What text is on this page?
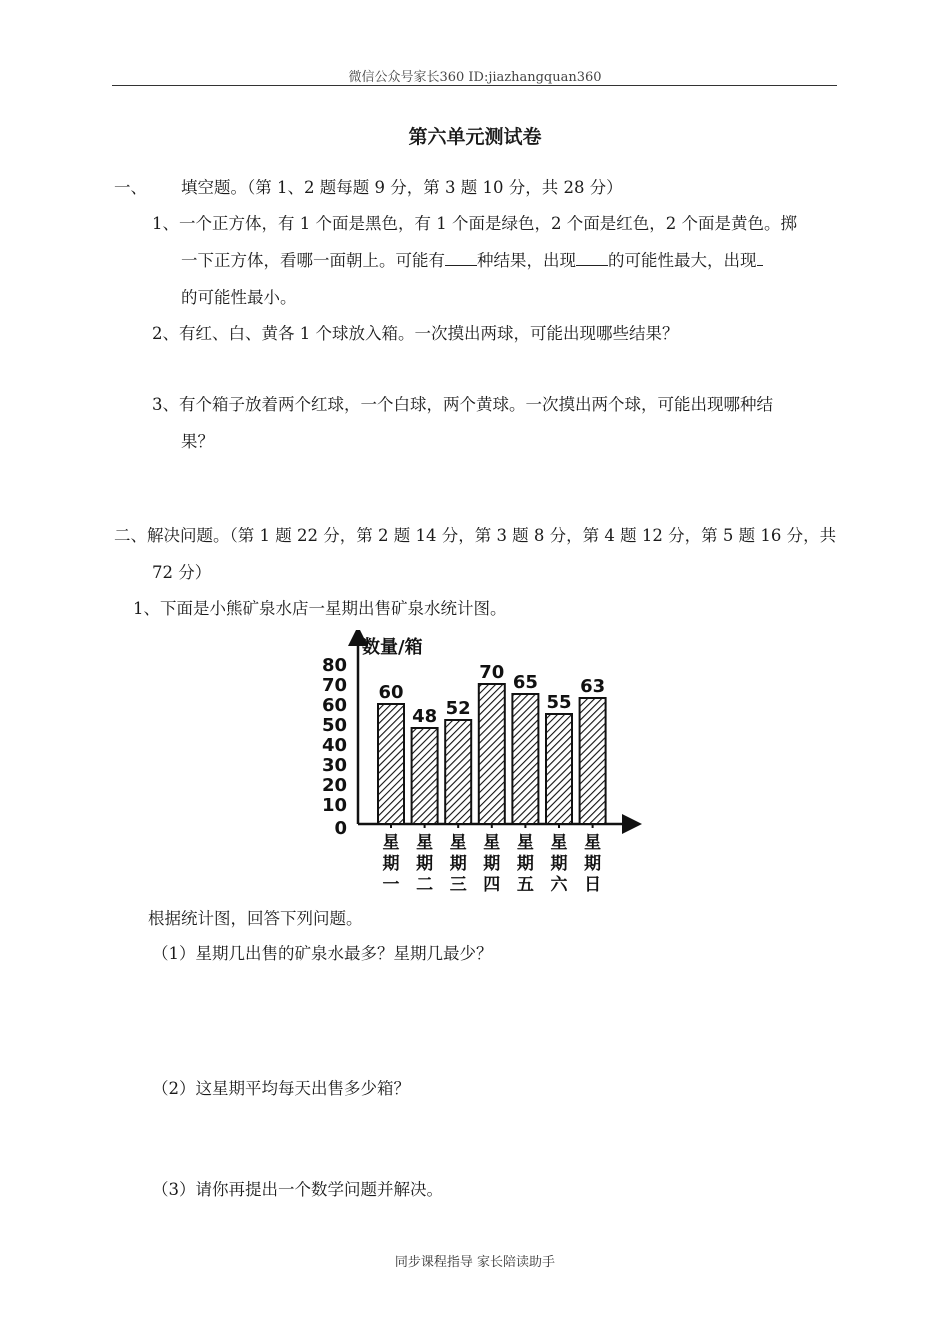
微信公众号家长360 ID:jiazhangquan360
第六单元测试卷
一、 填空题。（第 1、2 题每题 9 分，第 3 题 10 分，共 28 分）
1、一个正方体，有 1 个面是黑色，有 1 个面是绿色，2 个面是红色，2 个面是黄色。掷
一下正方体，看哪一面朝上。可能有 种结果，出现 的可能性最大，出现
的可能性最小。
2、有红、白、黄各 1 个球放入箱。一次摸出两球，可能出现哪些结果？
3、有个箱子放着两个红球，一个白球，两个黄球。一次摸出两个球，可能出现哪种结
果？
二、解决问题。（第 1 题 22 分，第 2 题 14 分，第 3 题 8 分，第 4 题 12 分，第 5 题 16 分，共
72 分）
1、下面是小熊矿泉水店一星期出售矿泉水统计图。
数量/箱
0
10
20
30
40
50
60
70
80
60
星
期
一
48
星
期
二
52
星
期
三
70
星
期
四
65
星
期
五
55
星
期
六
63
星
期
日
根据统计图，回答下列问题。
（1）星期几出售的矿泉水最多？星期几最少？
（2）这星期平均每天出售多少箱？
（3）请你再提出一个数学问题并解决。
同步课程指导 家长陪读助手
